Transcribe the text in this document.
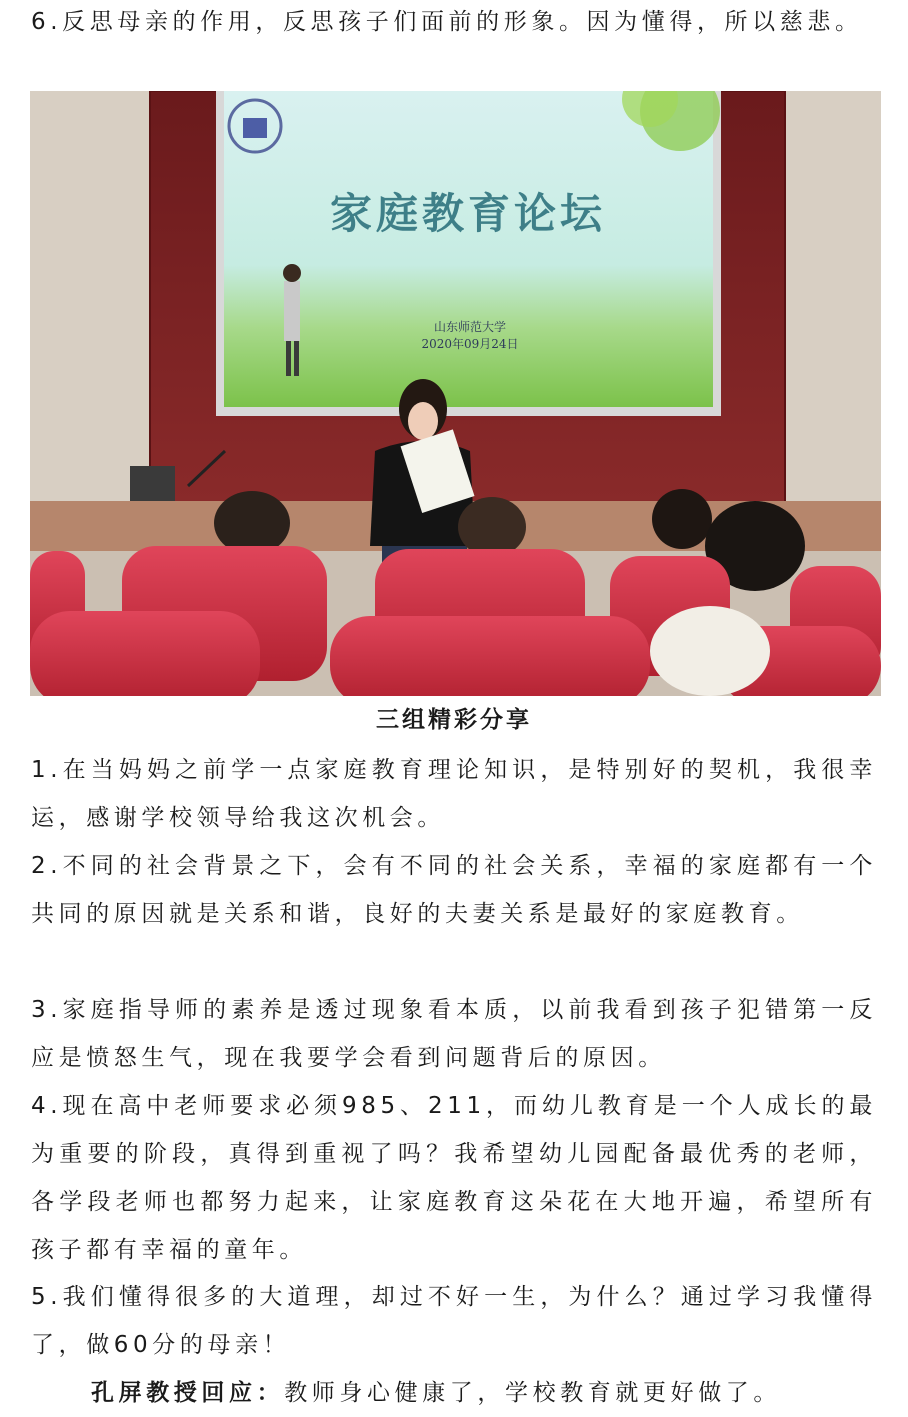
6.反思母亲的作用，反思孩子们面前的形象。因为懂得，所以慈悲。

家庭教育论坛
山东师范大学
2020年09月24日
三组精彩分享

1.在当妈妈之前学一点家庭教育理论知识，是特别好的契机，我很幸运，感谢学校领导给我这次机会。

2.不同的社会背景之下，会有不同的社会关系，幸福的家庭都有一个共同的原因就是关系和谐，良好的夫妻关系是最好的家庭教育。

3.家庭指导师的素养是透过现象看本质，以前我看到孩子犯错第一反应是愤怒生气，现在我要学会看到问题背后的原因。

4.现在高中老师要求必须985、211，而幼儿教育是一个人成长的最为重要的阶段，真得到重视了吗？我希望幼儿园配备最优秀的老师，各学段老师也都努力起来，让家庭教育这朵花在大地开遍，希望所有孩子都有幸福的童年。

5.我们懂得很多的大道理，却过不好一生，为什么？通过学习我懂得了，做60分的母亲！

孔屏教授回应：教师身心健康了，学校教育就更好做了。
